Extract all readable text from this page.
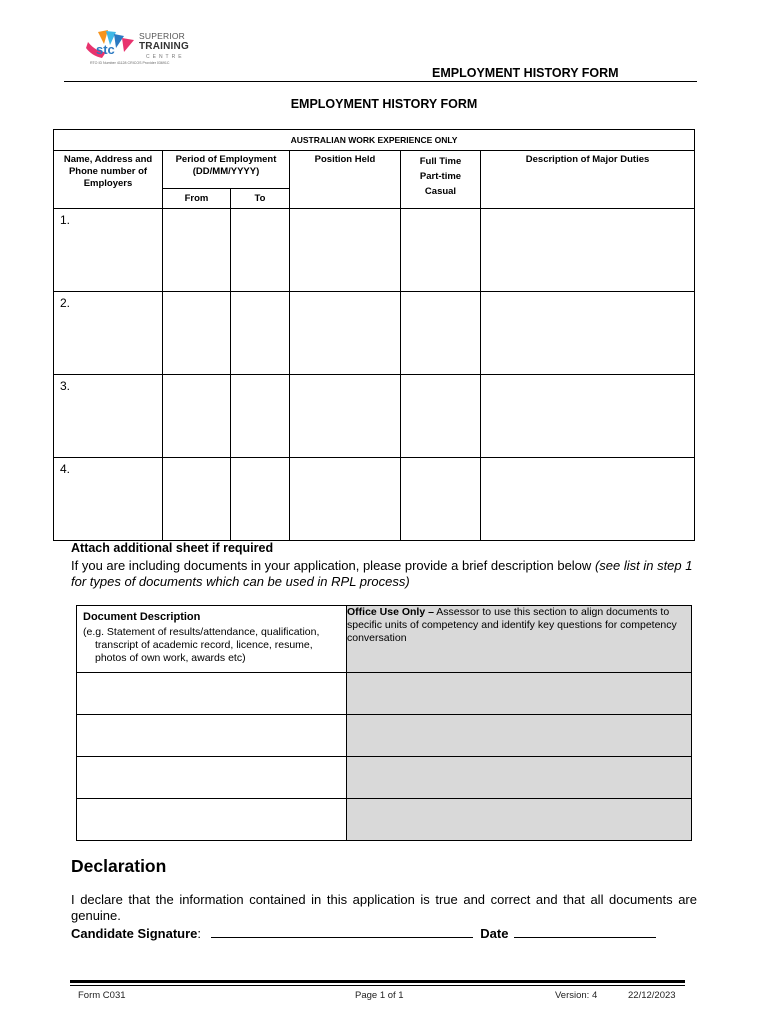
stc
SUPERIOR
TRAINING
CENTRE
RTO ID Number 41128 CRICOS Provider 03691C
EMPLOYMENT HISTORY FORM
EMPLOYMENT HISTORY FORM
AUSTRALIAN WORK EXPERIENCE ONLY					
Name, Address and Phone number of Employers	Period of Employment (DD/MM/YYYY)		Position Held	Full Time
Part-time
Casual	Description of Major Duties
	From	To			
1.					
2.					
3.					
4.					
Attach additional sheet if required
If you are including documents in your application, please provide a brief description below (see list in step 1 for types of documents which can be used in RPL process)
Document Description
(e.g. Statement of results/attendance, qualification,
transcript of academic record, licence, resume,
photos of own work, awards etc)	Office Use Only – Assessor to use this section to align documents to specific units of competency and identify key questions for competency conversation

Declaration
I declare that the information contained in this application is true and correct and that all documents are genuine.
Candidate Signature:	Date
Form C031	Page 1 of 1	Version: 4	22/12/2023
